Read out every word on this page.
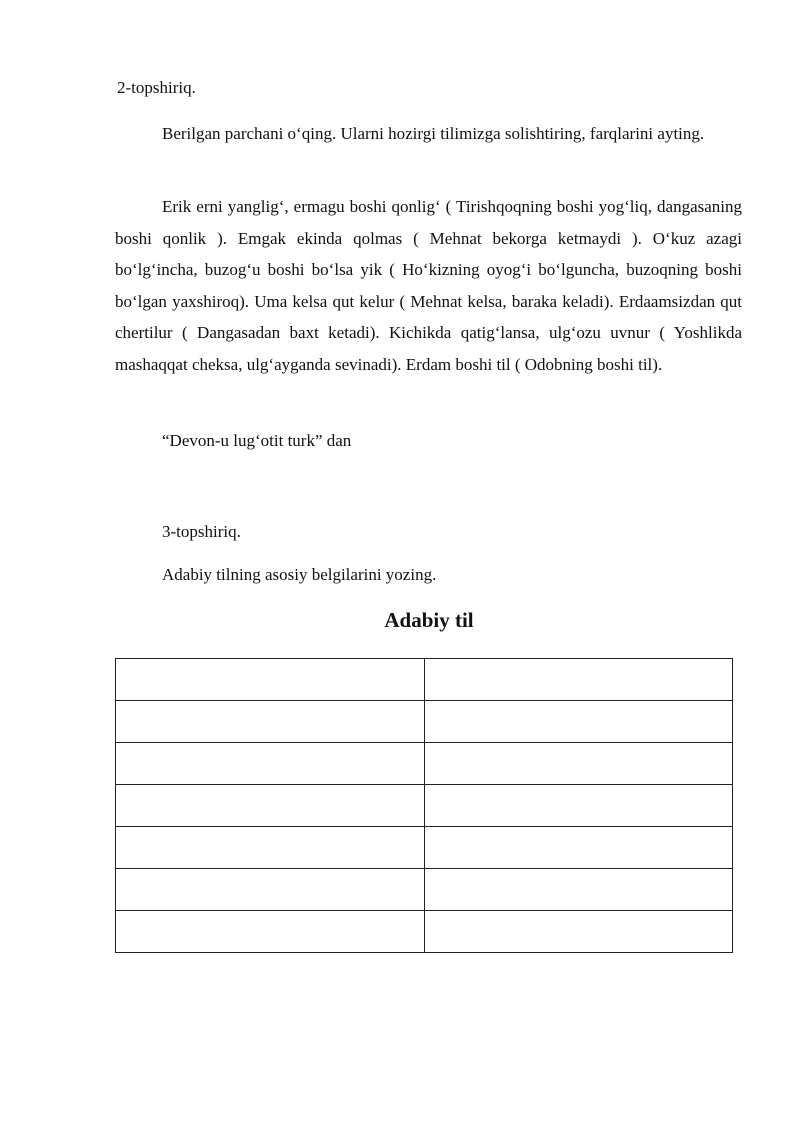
2-topshiriq.

Berilgan parchani o‘qing. Ularni hozirgi tilimizga solishtiring, farqlarini ayting.

Erik erni yanglig‘, ermagu boshi qonlig‘ ( Tirishqoqning boshi yog‘liq, dangasaning boshi qonlik ). Emgak ekinda qolmas ( Mehnat bekorga ketmaydi ). O‘kuz azagi bo‘lg‘incha, buzog‘u boshi bo‘lsa yik ( Ho‘kizning oyog‘i bo‘lguncha, buzoqning boshi bo‘lgan yaxshiroq). Uma kelsa qut kelur ( Mehnat kelsa, baraka keladi). Erdaamsizdan qut chertilur ( Dangasadan baxt ketadi). Kichikda qatig‘lansa, ulg‘ozu uvnur ( Yoshlikda mashaqqat cheksa, ulg‘ayganda sevinadi). Erdam boshi til ( Odobning boshi til).

“Devon-u lug‘otit turk” dan

3-topshiriq.

Adabiy tilning asosiy belgilarini yozing.

Adabiy til
